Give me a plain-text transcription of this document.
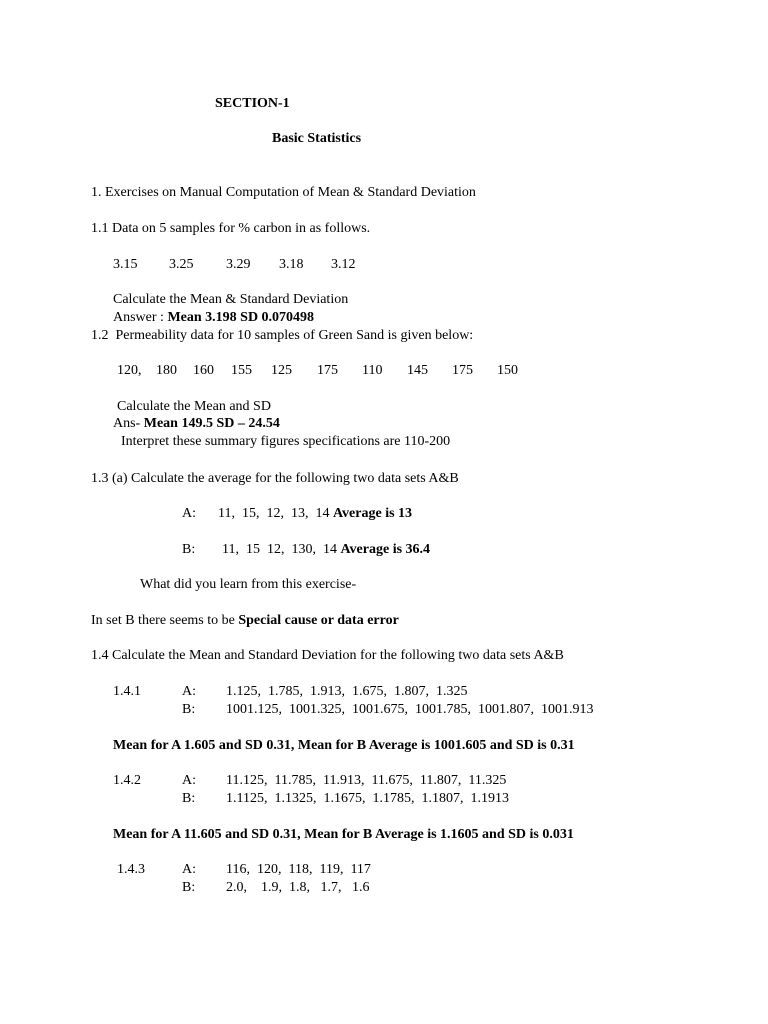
SECTION-1
Basic Statistics
1. Exercises on Manual Computation of Mean & Standard Deviation
1.1 Data on 5 samples for % carbon in as follows.
3.15 3.25 3.29 3.18 3.12
Calculate the Mean & Standard Deviation
Answer : Mean 3.198 SD 0.070498
1.2  Permeability data for 10 samples of Green Sand is given below:
120, 180 160 155 125 175 110 145 175 150
Calculate the Mean and SD
Ans- Mean 149.5 SD – 24.54
Interpret these summary figures specifications are 110-200
1.3 (a) Calculate the average for the following two data sets A&B
A: 11,  15,  12,  13,  14 Average is 13
B: 11,  15  12,  130,  14 Average is 36.4
What did you learn from this exercise-
In set B there seems to be Special cause or data error
1.4 Calculate the Mean and Standard Deviation for the following two data sets A&B
1.4.1	A: 1.125,  1.785,  1.913,  1.675,  1.807,  1.325
B: 1001.125,  1001.325,  1001.675,  1001.785,  1001.807,  1001.913
Mean for A 1.605 and SD 0.31, Mean for B Average is 1001.605 and SD is 0.31
1.4.2	A: 11.125,  11.785,  11.913,  11.675,  11.807,  11.325
B: 1.1125,  1.1325,  1.1675,  1.1785,  1.1807,  1.1913
Mean for A 11.605 and SD 0.31, Mean for B Average is 1.1605 and SD is 0.031
1.4.3	A: 116,  120,  118,  119,  117
B: 2.0,    1.9,  1.8,   1.7,   1.6
